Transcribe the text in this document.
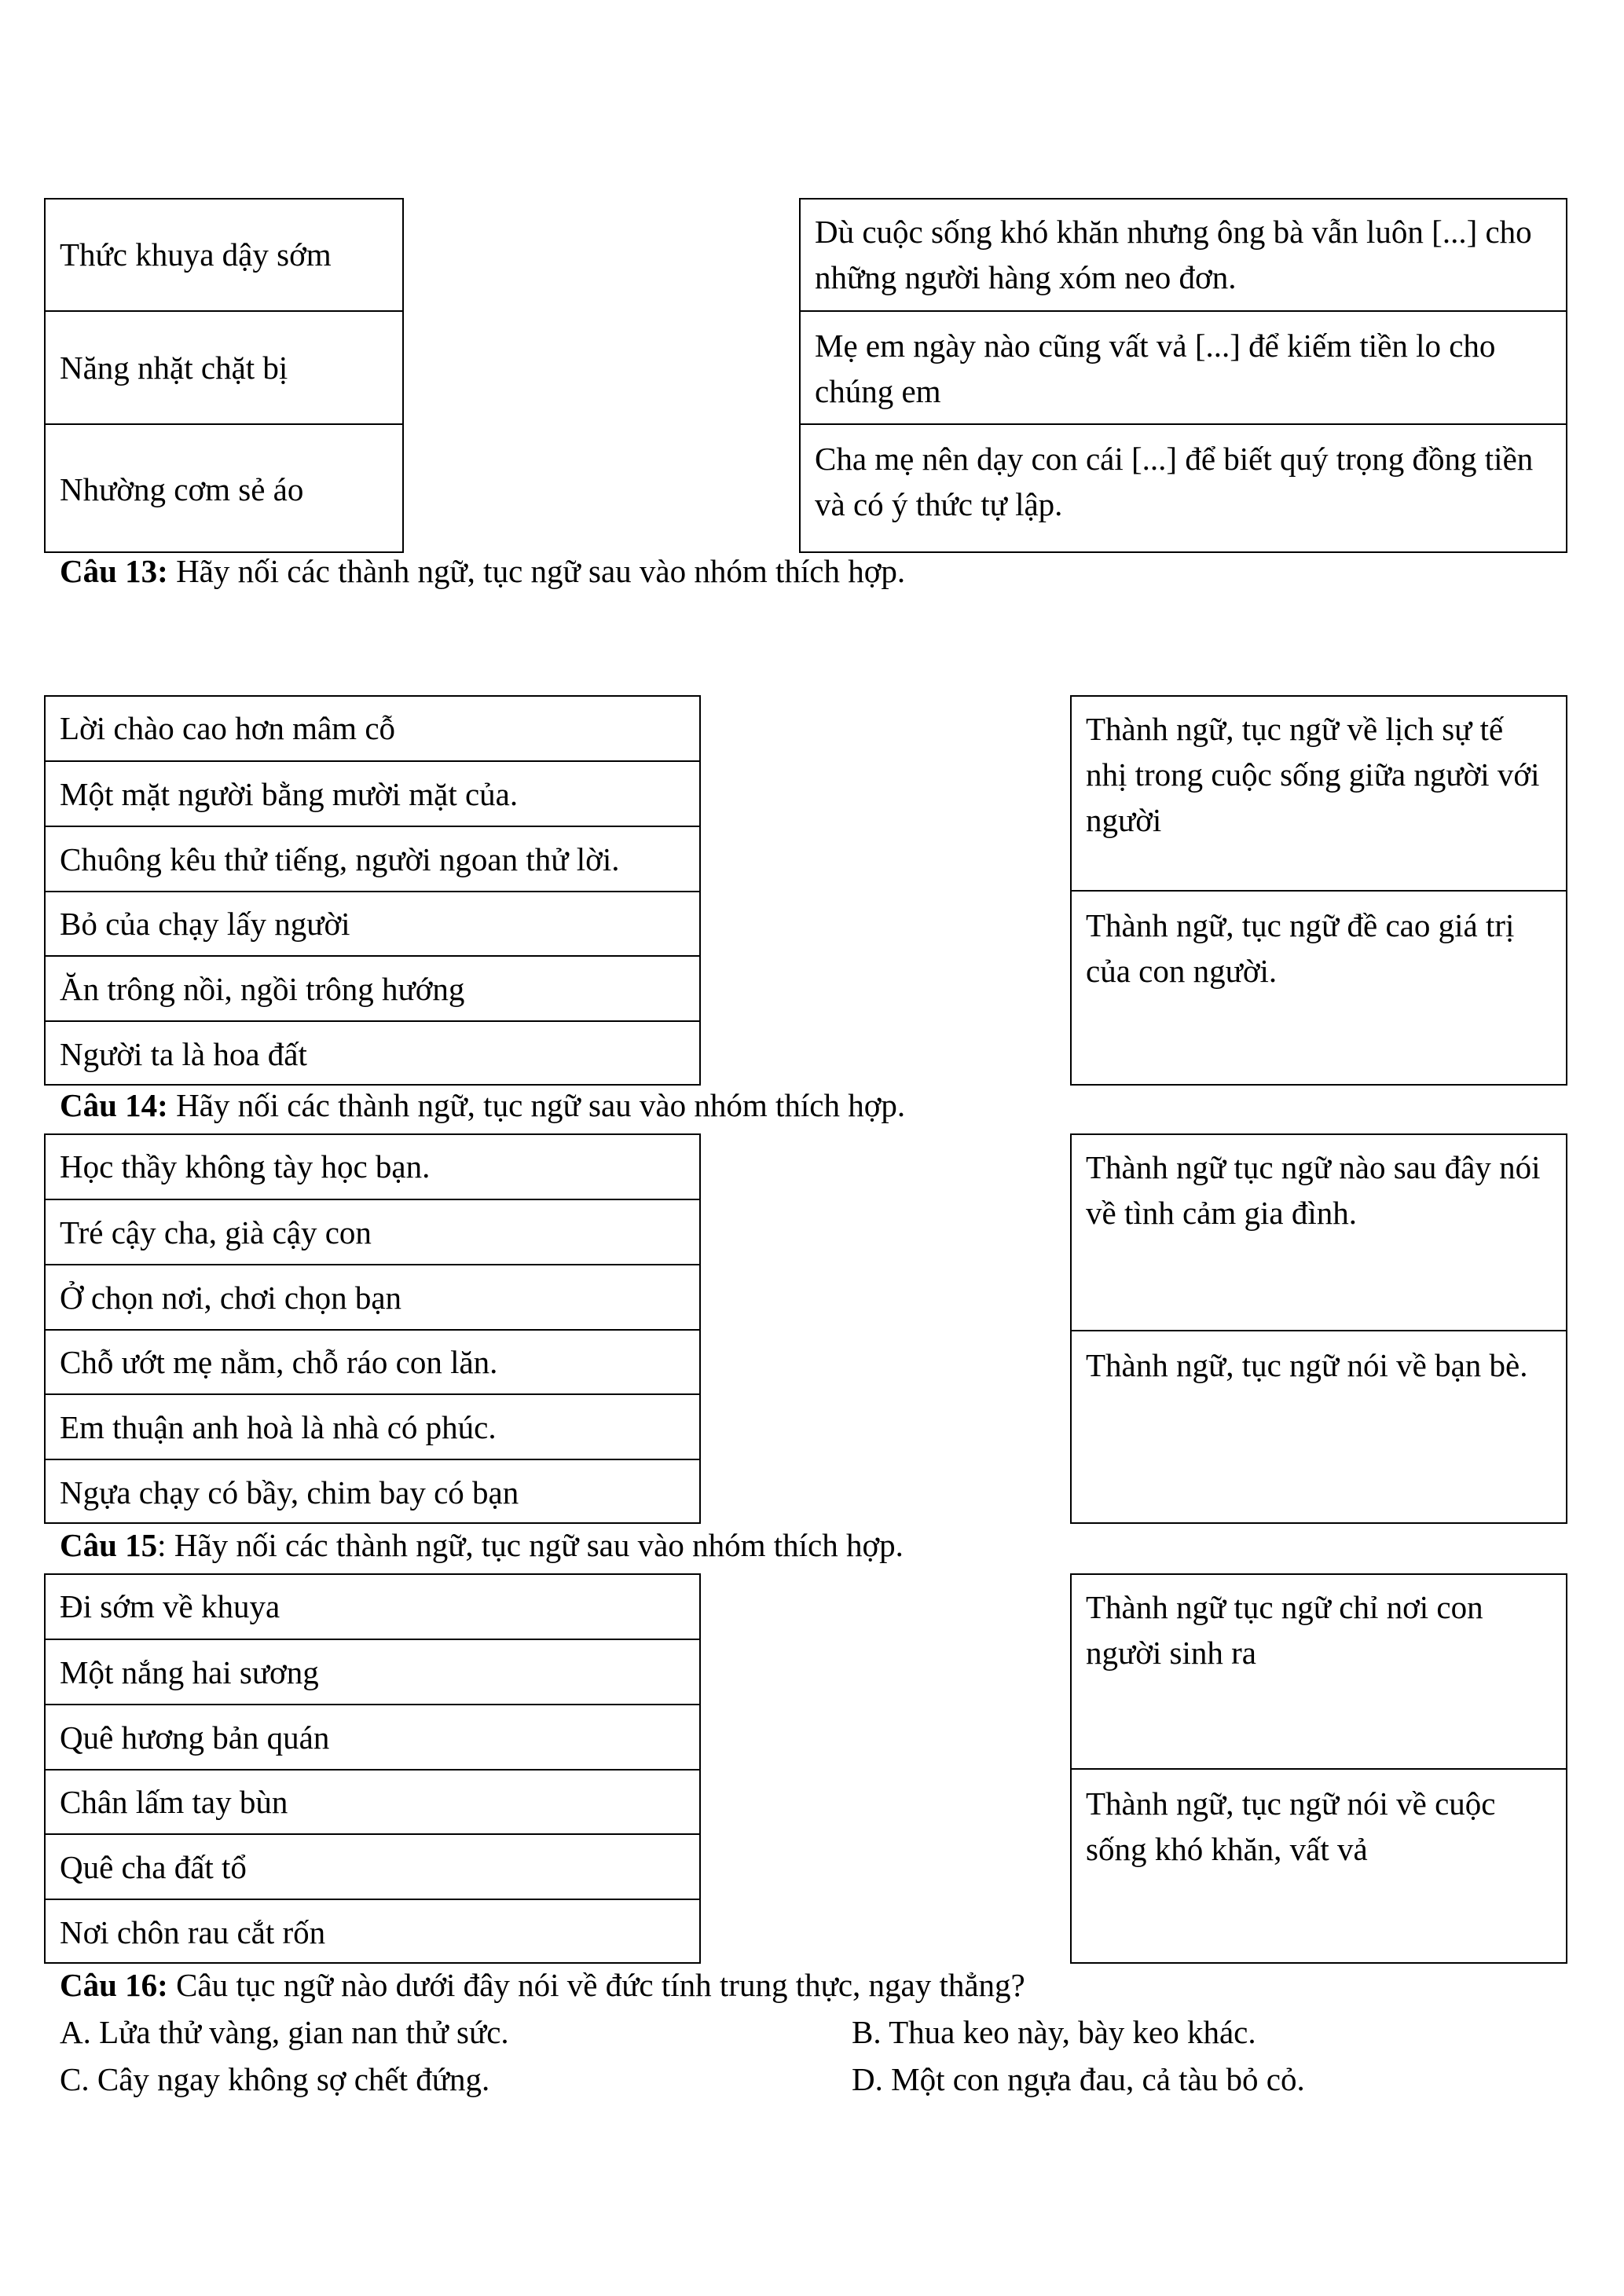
Thức khuya dậy sớm
Năng nhặt chặt bị
Nhường cơm sẻ áo
Dù cuộc sống khó khăn nhưng ông bà vẫn luôn [...] cho những người hàng xóm neo đơn.
Mẹ em ngày nào cũng vất vả [...] để kiếm tiền lo cho chúng em
Cha mẹ nên dạy con cái [...] để biết quý trọng đồng tiền và có ý thức tự lập.
Câu 13: Hãy nối các thành ngữ, tục ngữ sau vào nhóm thích hợp.
Lời chào cao hơn mâm cỗ
Một mặt người bằng mười mặt của.
Chuông kêu thử tiếng, người ngoan thử lời.
Bỏ của chạy lấy người
Ăn trông nồi, ngồi trông hướng
Người ta là hoa đất
Thành ngữ, tục ngữ về lịch sự tế nhị trong cuộc sống giữa người với người
Thành ngữ, tục ngữ đề cao giá trị của con người.
Câu 14: Hãy nối các thành ngữ, tục ngữ sau vào nhóm thích hợp.
Học thầy không tày học bạn.
Tré cậy cha, già cậy con
Ở chọn nơi, chơi chọn bạn
Chỗ ướt mẹ nằm, chỗ ráo con lăn.
Em thuận anh hoà là nhà có phúc.
Ngựa chạy có bầy, chim bay có bạn
Thành ngữ tục ngữ nào sau đây nói về tình cảm gia đình.
Thành ngữ, tục ngữ nói về bạn bè.
Câu 15: Hãy nối các thành ngữ, tục ngữ sau vào nhóm thích hợp.
Đi sớm về khuya
Một nắng hai sương
Quê hương bản quán
Chân lấm tay bùn
Quê cha đất tổ
Nơi chôn rau cắt rốn
Thành ngữ tục ngữ chỉ nơi con người sinh ra
Thành ngữ, tục ngữ nói về cuộc sống khó khăn, vất vả
Câu 16: Câu tục ngữ nào dưới đây nói về đức tính trung thực, ngay thẳng?
A. Lửa thử vàng, gian nan thử sức.	B. Thua keo này, bày keo khác.
C. Cây ngay không sợ chết đứng.	D. Một con ngựa đau, cả tàu bỏ cỏ.
